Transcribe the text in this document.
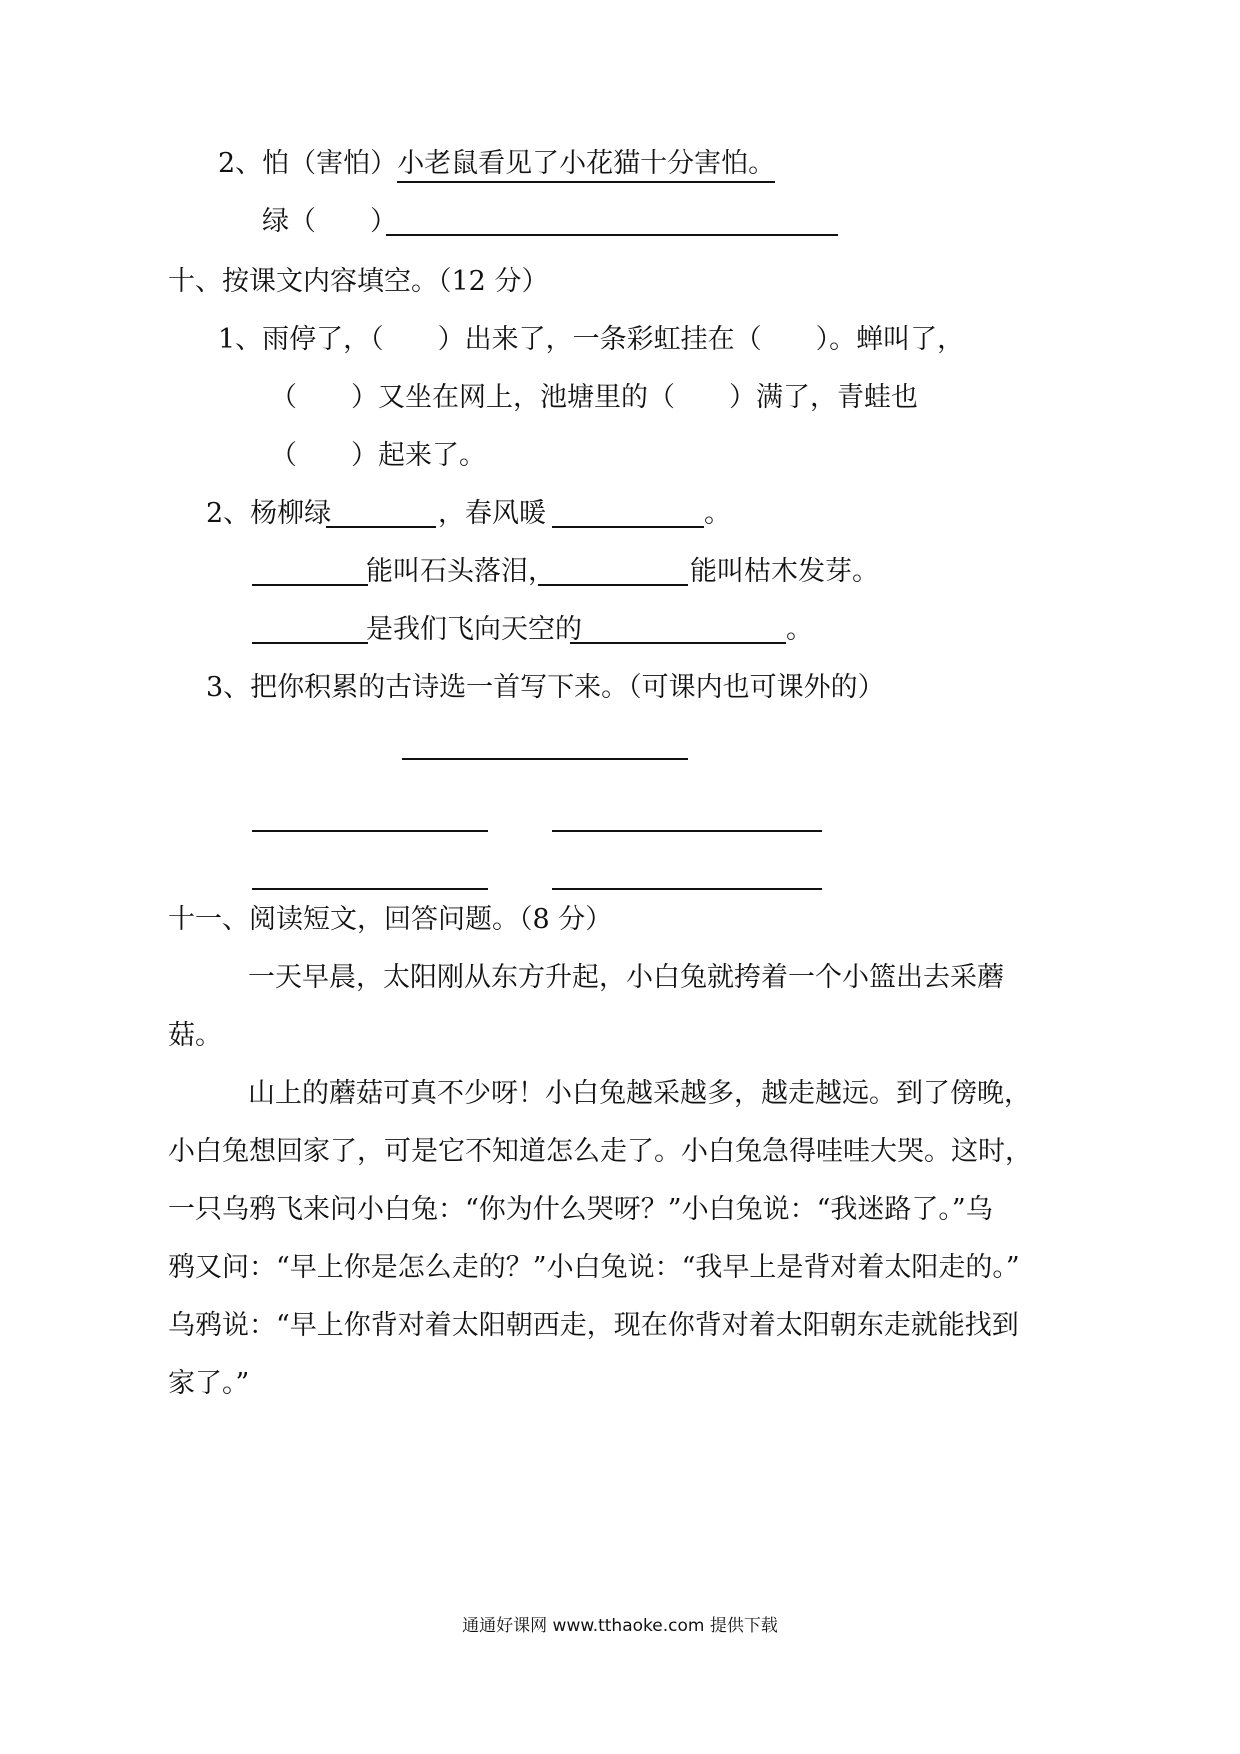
2、怕（害怕）小老鼠看见了小花猫十分害怕。
绿（　　）
十、按课文内容填空。（12 分）
1、雨停了，（　　）出来了，一条彩虹挂在（　　）。蝉叫了，
（　　）又坐在网上，池塘里的（　　）满了，青蛙也
（　　）起来了。
2、杨柳绿	，春风暖	。
能叫石头落泪，	能叫枯木发芽。
是我们飞向天空的	。
3、把你积累的古诗选一首写下来。（可课内也可课外的）
十一、阅读短文，回答问题。（8 分）
一天早晨，太阳刚从东方升起，小白兔就挎着一个小篮出去采蘑
菇。
山上的蘑菇可真不少呀！小白兔越采越多，越走越远。到了傍晚，
小白兔想回家了，可是它不知道怎么走了。小白兔急得哇哇大哭。这时，
一只乌鸦飞来问小白兔：“你为什么哭呀？”小白兔说：“我迷路了。”乌
鸦又问：“早上你是怎么走的？”小白兔说：“我早上是背对着太阳走的。”
乌鸦说：“早上你背对着太阳朝西走，现在你背对着太阳朝东走就能找到
家了。”
通通好课网 www.tthaoke.com 提供下载
